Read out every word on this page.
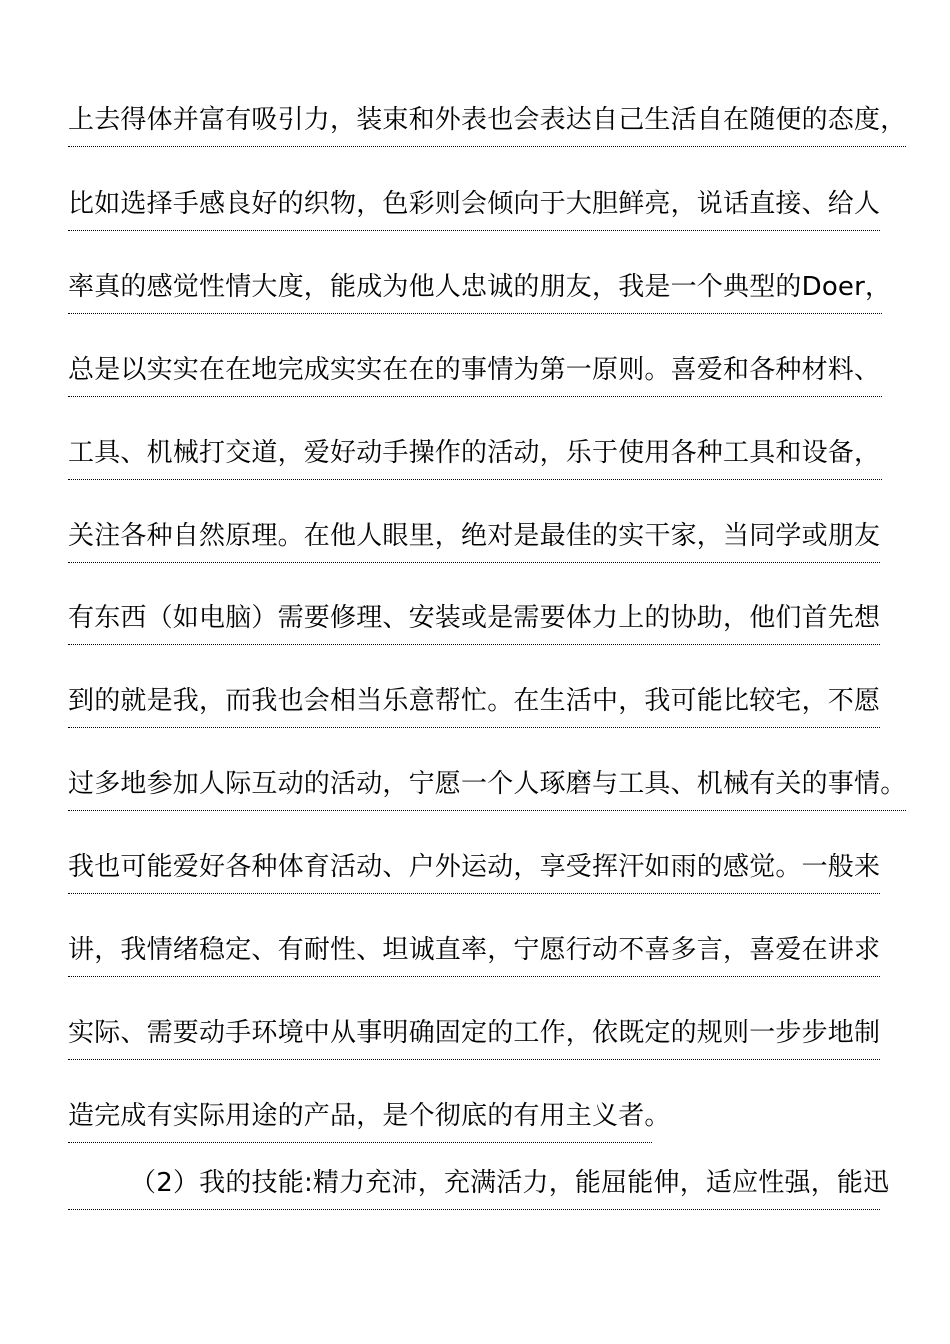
上去得体并富有吸引力，装束和外表也会表达自己生活自在随便的态度，
比如选择手感良好的织物，色彩则会倾向于大胆鲜亮，说话直接、给人
率真的感觉性情大度，能成为他人忠诚的朋友，我是一个典型的Doer，
总是以实实在在地完成实实在在的事情为第一原则。喜爱和各种材料、
工具、机械打交道，爱好动手操作的活动，乐于使用各种工具和设备，
关注各种自然原理。在他人眼里，绝对是最佳的实干家，当同学或朋友
有东西（如电脑）需要修理、安装或是需要体力上的协助，他们首先想
到的就是我，而我也会相当乐意帮忙。在生活中，我可能比较宅，不愿
过多地参加人际互动的活动，宁愿一个人琢磨与工具、机械有关的事情。
我也可能爱好各种体育活动、户外运动，享受挥汗如雨的感觉。一般来
讲，我情绪稳定、有耐性、坦诚直率，宁愿行动不喜多言，喜爱在讲求
实际、需要动手环境中从事明确固定的工作，依既定的规则一步步地制
造完成有实际用途的产品，是个彻底的有用主义者。
（2）我的技能:精力充沛，充满活力，能屈能伸，适应性强，能迅
